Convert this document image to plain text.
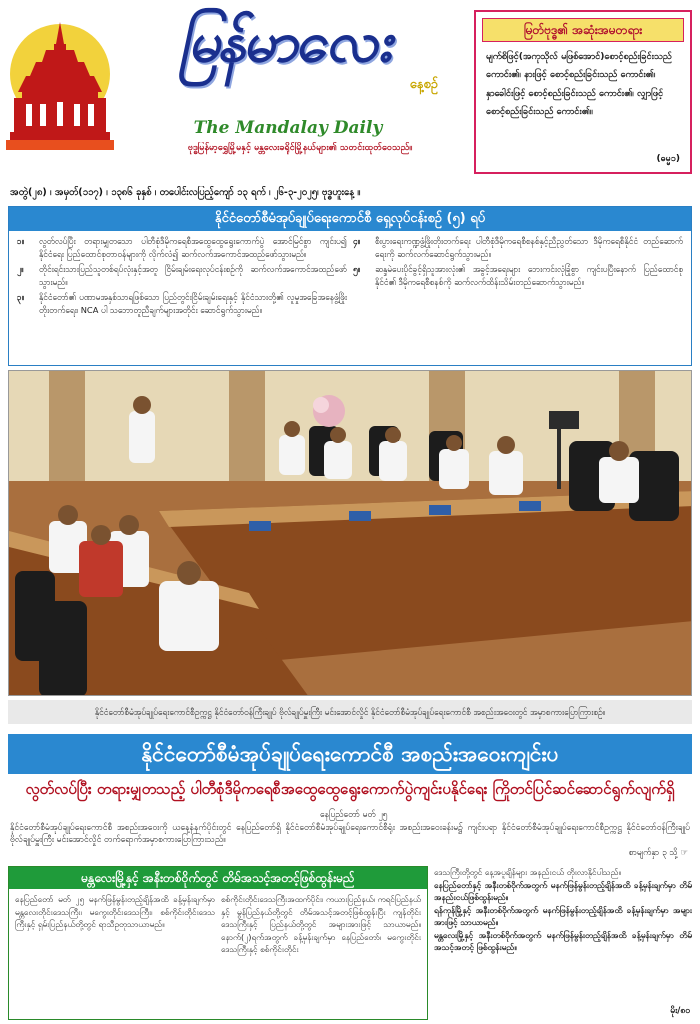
မြန်မာလေး
နေ့စဉ်
The Mandalay Daily
ဗုဒ္ဓမြန်မာ့ရွှေမြို့မနှင့် မန္တလေးခရိုင်မြို့နယ်များ၏ သတင်းထုတ်ဝေသည်။
မြတ်ဗုဒ္ဓ၏ အဆုံးအမတရား
မျက်စိဖြင့်(အကုသိုလ် မဖြစ်အောင်)စောင့်စည်းခြင်းသည် ကောင်း၏၊ နားဖြင့် စောင့်စည်းခြင်းသည် ကောင်း၏၊ နှာခေါင်းဖြင့် စောင့်စည်းခြင်းသည် ကောင်း၏၊ လျှာဖြင့် စောင့်စည်းခြင်းသည် ကောင်း၏။
(ဓမ္မ၁)
အတွဲ(၂၈) ၊ အမှတ်(၁၁၇) ၊ ၁၃၈၆ ခုနှစ် ၊ တပေါင်းလပြည့်ကျော် ၁၃ ရက် ၊ ၂၆-၃-၂၀၂၅၊ ဗုဒ္ဓဟူးနေ့ ။
နိုင်ငံတော်စီမံအုပ်ချုပ်ရေးကောင်စီ ရှေ့လုပ်ငန်းစဉ် (၅) ရပ်
၁။	လွတ်လပ်ပြီး တရားမျှတသော ပါတီစုံဒီမိုကရေစီအထွေထွေရွေးကောက်ပွဲ အောင်မြင်စွာ ကျင်းပ၍ နိုင်ငံရေး ပြည်ထောင်စုတာဝန်များကို လိုက်လံ၍ ဆက်လက်အကောင်အထည်ဖော်သွားမည်။
၂။	တိုင်းရင်းသားပြည်သူတစ်ရပ်လုံးနှင့်အတူ ငြိမ်းချမ်းရေးလုပ်ငန်းစဉ်ကို ဆက်လက်အကောင်အထည်ဖော်သွားမည်။
၃။	နိုင်ငံတော်၏ ပဏာမအနှစ်သာရဖြစ်သော ပြည်တွင်းငြိမ်းချမ်းရေးနှင့် နိုင်ငံသားတို့၏ လူမှုအခြေအနေဖွံ့ဖြိုးတိုးတက်ရေး၊ NCA ပါ သဘောတူညီချက်များအတိုင်း ဆောင်ရွက်သွားမည်။
၄။	စီးပွားရေးကဏ္ဍဖွံ့ဖြိုးတိုးတက်ရေး ပါတီစုံဒီမိုကရေစီစနစ်နှင့်ညီညွတ်သော ဒီမိုကရေစီနိုင်ငံ တည်ဆောက်ရေးကို ဆက်လက်ဆောင်ရွက်သွားမည်။
၅။	ဆန္ဒမဲပေးပိုင်ခွင့်ရှိသူအားလုံး၏ အခွင့်အရေးများ ဘေးကင်းလုံခြုံစွာ ကျင်းပပြီးနောက် ပြည်ထောင်စုနိုင်ငံ၏ ဒီမိုကရေစီစနစ်ကို ဆက်လက်ထိန်းသိမ်းတည်ဆောက်သွားမည်။
နိုင်ငံတော်စီမံအုပ်ချုပ်ရေးကောင်စီဥက္ကဋ္ဌ နိုင်ငံတော်ဝန်ကြီးချုပ် ဗိုလ်ချုပ်မှူးကြီး မင်းအောင်လှိုင် နိုင်ငံတော်စီမံအုပ်ချုပ်ရေးကောင်စီ အစည်းအဝေးတွင် အမှာစကားပြောကြားစဉ်။
နိုင်ငံတော်စီမံအုပ်ချုပ်ရေးကောင်စီ အစည်းအဝေးကျင်းပ
လွတ်လပ်ပြီး တရားမျှတသည့် ပါတီစုံဒီမိုကရေစီအထွေထွေရွေးကောက်ပွဲကျင်းပနိုင်ရေး ကြိုတင်ပြင်ဆင်ဆောင်ရွက်လျက်ရှိ
နေပြည်တော် မတ် ၂၅
နိုင်ငံတော်စီမံအုပ်ချုပ်ရေးကောင်စီ အစည်းအဝေးကို ယနေ့နံနက်ပိုင်းတွင် နေပြည်တော်ရှိ နိုင်ငံတော်စီမံအုပ်ချုပ်ရေးကောင်စီရုံး အစည်းအဝေးခန်းမ၌ ကျင်းပရာ နိုင်ငံတော်စီမံအုပ်ချုပ်ရေးကောင်စီဥက္ကဋ္ဌ နိုင်ငံတော်ဝန်ကြီးချုပ် ဗိုလ်ချုပ်မှူးကြီး မင်းအောင်လှိုင် တက်ရောက်အမှာစကားပြောကြားသည်။
စာမျက်နှာ ၃ သို့ ☞
မန္တလေးမြို့နှင့် အနီးတစ်ဝိုက်တွင် တိမ်အသင့်အတင့်ဖြစ်ထွန်းမည်
နေပြည်တော် မတ် ၂၅ မနက်ဖြန်မွန်းတည့်ချိန်အထိ ခန့်မှန်းချက်မှာ မန္တလေးတိုင်းဒေသကြီး၊ မကွေးတိုင်းဒေသကြီး၊ စစ်ကိုင်းတိုင်းဒေသကြီးနှင့် ရှမ်းပြည်နယ်တို့တွင် ရာသီဥတုသာယာမည်။
စစ်ကိုင်းတိုင်းဒေသကြီးအထက်ပိုင်း၊ ကယားပြည်နယ်၊ ကရင်ပြည်နယ်နှင့် မွန်ပြည်နယ်တို့တွင် တိမ်အသင့်အတင့်ဖြစ်ထွန်းပြီး ကျန်တိုင်းဒေသကြီးနှင့် ပြည်နယ်တို့တွင် အများအားဖြင့် သာယာမည်။ နောက်(၂)ရက်အတွက် ခန့်မှန်းချက်မှာ နေပြည်တော်၊ မကွေးတိုင်းဒေသကြီးနှင့် စစ်ကိုင်းတိုင်း

ဒေသကြီးတို့တွင် နေ့အပူချိန်များ အနည်းငယ် တိုးလာနိုင်ပါသည်။

နေပြည်တော်နှင့် အနီးတစ်ဝိုက်အတွက် မနက်ဖြန်မွန်းတည့်ချိန်အထိ ခန့်မှန်းချက်မှာ တိမ်အနည်းငယ်ဖြစ်ထွန်းမည်။

ရန်ကုန်မြို့နှင့် အနီးတစ်ဝိုက်အတွက် မနက်ဖြန်မွန်းတည့်ချိန်အထိ ခန့်မှန်းချက်မှာ အများအားဖြင့် သာယာမည်။

မန္တလေးမြို့နှင့် အနီးတစ်ဝိုက်အတွက် မနက်ဖြန်မွန်းတည့်ချိန်အထိ ခန့်မှန်းချက်မှာ တိမ်အသင့်အတင့် ဖြစ်ထွန်းမည်။

မိုး/၈၀
